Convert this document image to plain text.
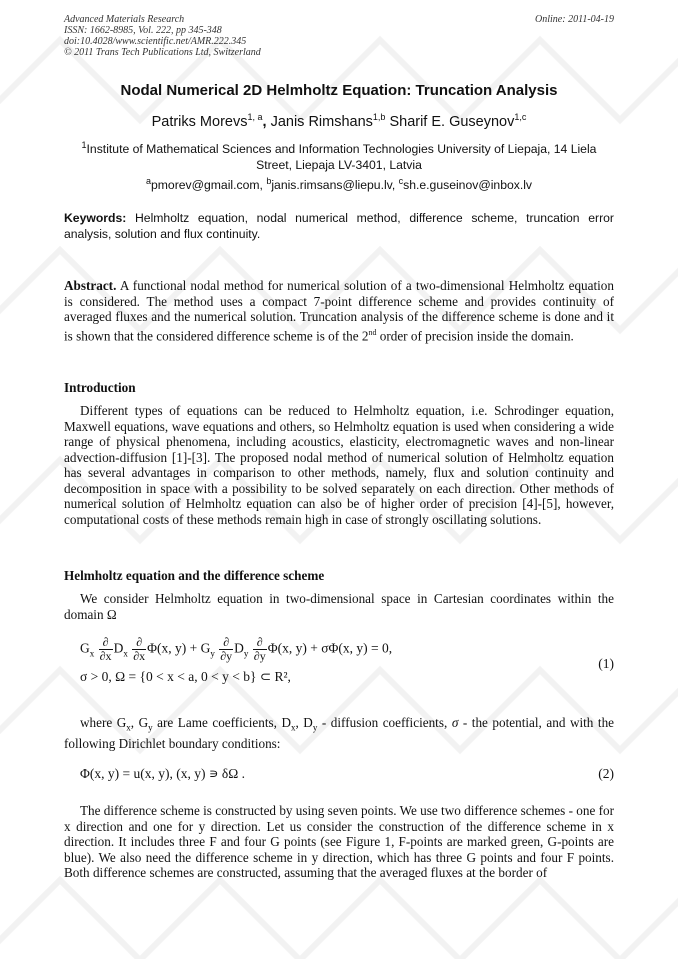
Advanced Materials Research
ISSN: 1662-8985, Vol. 222, pp 345-348
doi:10.4028/www.scientific.net/AMR.222.345
© 2011 Trans Tech Publications Ltd, Switzerland
Online: 2011-04-19
Nodal Numerical 2D Helmholtz Equation: Truncation Analysis
Patriks Morevs$^{1, a}$, Janis Rimshans$^{1,b}$ Sharif E. Guseynov$^{1,c}$
$^1$Institute of Mathematical Sciences and Information Technologies University of Liepaja, 14 Liela Street, Liepaja LV-3401, Latvia
$^a$pmorev@gmail.com, $^b$janis.rimsans@liepu.lv, $^c$sh.e.guseinov@inbox.lv
Keywords: Helmholtz equation, nodal numerical method, difference scheme, truncation error analysis, solution and flux continuity.
Abstract. A functional nodal method for numerical solution of a two-dimensional Helmholtz equation is considered. The method uses a compact 7-point difference scheme and provides continuity of averaged fluxes and the numerical solution. Truncation analysis of the difference scheme is done and it is shown that the considered difference scheme is of the 2nd order of precision inside the domain.
Introduction
Different types of equations can be reduced to Helmholtz equation, i.e. Schrodinger equation, Maxwell equations, wave equations and others, so Helmholtz equation is used when considering a wide range of physical phenomena, including acoustics, elasticity, electromagnetic waves and non-linear advection-diffusion [1]-[3]. The proposed nodal method of numerical solution of Helmholtz equation has several advantages in comparison to other methods, namely, flux and solution continuity and decomposition in space with a possibility to be solved separately on each direction. Other methods of numerical solution of Helmholtz equation can also be of higher order of precision [4]-[5], however, computational costs of these methods remain high in case of strongly oscillating solutions.
Helmholtz equation and the difference scheme
We consider Helmholtz equation in two-dimensional space in Cartesian coordinates within the domain Ω
$G_x \frac{\partial}{\partial x} D_x \frac{\partial}{\partial x} \Phi(x$, $y) + G_y \frac{\partial}{\partial y} D_y \frac{\partial}{\partial y} \Phi(x$, y) + σΦ(x, y) = 0,
σ > 0, Ω = {0 < x < a, 0 < y < b} ⊂ R²,
(1)
where $G_x$, $G_y$ are Lame coefficients, $D_x$, $D_y$ - diffusion coefficients, σ - the potential, and with the following Dirichlet boundary conditions:
Φ(x, y) = u(x, y), (x, y) ∍ δΩ .	(2)
The difference scheme is constructed by using seven points. We use two difference schemes - one for x direction and one for y direction. Let us consider the construction of the difference scheme in x direction. It includes three F and four G points (see Figure 1, F-points are marked green, G-points are blue). We also need the difference scheme in y direction, which has three G points and four F points. Both difference schemes are constructed, assuming that the averaged fluxes at the border of
